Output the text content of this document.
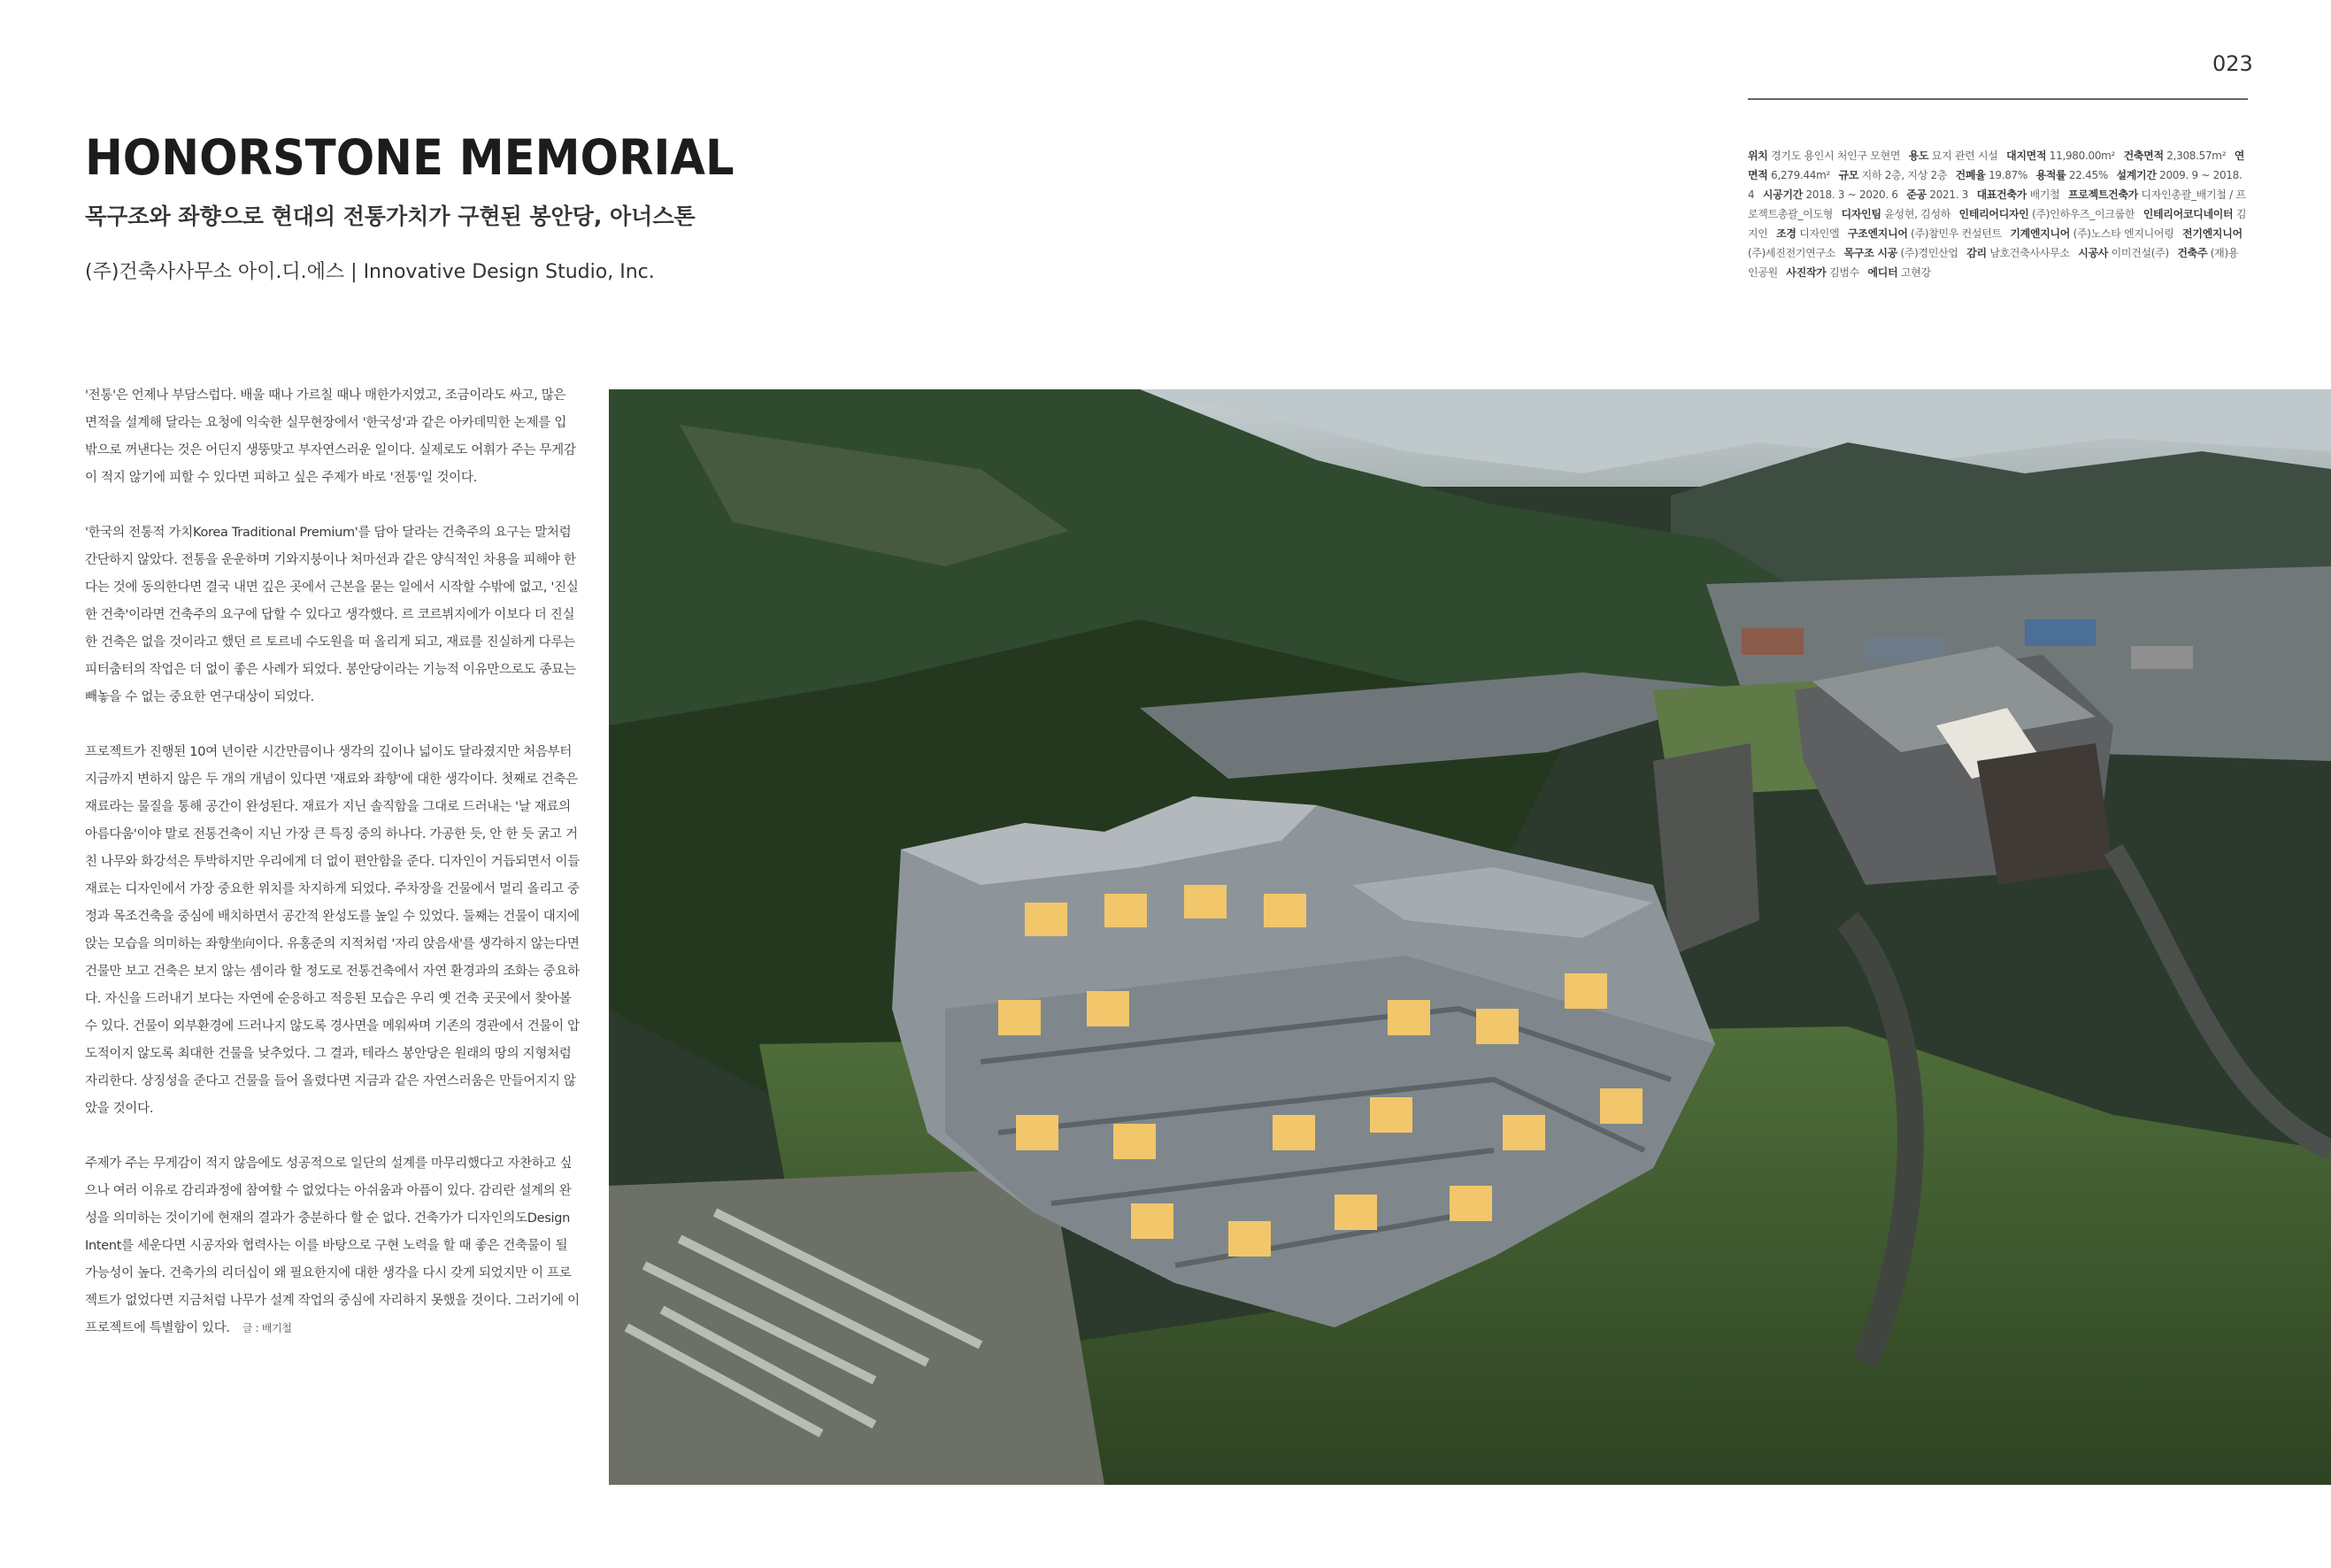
023
HONORSTONE MEMORIAL
목구조와 좌향으로 현대의 전통가치가 구현된 봉안당, 아너스톤
(주)건축사사무소 아이.디.에스 | Innovative Design Studio, Inc.
위치 경기도 용인시 처인구 모현면 용도 묘지 관련 시설 대지면적 11,980.00m² 건축면적 2,308.57m² 연면적 6,279.44m² 규모 지하 2층, 지상 2층 건폐율 19.87% 용적률 22.45% 설계기간 2009. 9 ~ 2018. 4 시공기간 2018. 3 ~ 2020. 6 준공 2021. 3 대표건축가 배기철 프로젝트건축가 디자인총괄_배기철 / 프로젝트총괄_이도형 디자인팀 윤성현, 김성하 인테리어디자인 (주)인하우즈_이크룹한 인테리어코디네이터 김지인 조경 디자인엘 구조엔지니어 (주)참민우 컨설턴트 기계엔지니어 (주)노스타 엔지니어링 전기엔지니어 (주)세진전기연구소 목구조 시공 (주)경민산업 감리 남호건축사사무소 시공사 이미건설(주) 건축주 (재)용인공원 사진작가 김범수 에디터 고현강

'전통'은 언제나 부담스럽다. 배울 때나 가르칠 때나 매한가지였고, 조금이라도 싸고, 많은 면적을 설계해 달라는 요청에 익숙한 실무현장에서 '한국성'과 같은 아카데믹한 논제를 입 밖으로 꺼낸다는 것은 어딘지 생뚱맞고 부자연스러운 일이다. 실제로도 어휘가 주는 무게감이 적지 않기에 피할 수 있다면 피하고 싶은 주제가 바로 '전통'일 것이다.

'한국의 전통적 가치Korea Traditional Premium'를 담아 달라는 건축주의 요구는 말처럼 간단하지 않았다. 전통을 운운하며 기와지붕이나 처마선과 같은 양식적인 차용을 피해야 한다는 것에 동의한다면 결국 내면 깊은 곳에서 근본을 묻는 일에서 시작할 수밖에 없고, '진실한 건축'이라면 건축주의 요구에 답할 수 있다고 생각했다. 르 코르뷔지에가 이보다 더 진실한 건축은 없을 것이라고 했던 르 토르네 수도원을 떠 올리게 되고, 재료를 진실하게 다루는 피터춤터의 작업은 더 없이 좋은 사례가 되었다. 봉안당이라는 기능적 이유만으로도 종묘는 빼놓을 수 없는 중요한 연구대상이 되었다.

프로젝트가 진행된 10여 년이란 시간만큼이나 생각의 깊이나 넓이도 달라졌지만 처음부터 지금까지 변하지 않은 두 개의 개념이 있다면 '재료와 좌향'에 대한 생각이다. 첫째로 건축은 재료라는 물질을 통해 공간이 완성된다. 재료가 지닌 솔직함을 그대로 드러내는 '날 재료의 아름다움'이야 말로 전통건축이 지닌 가장 큰 특징 중의 하나다. 가공한 듯, 안 한 듯 굵고 거친 나무와 화강석은 투박하지만 우리에게 더 없이 편안함을 준다. 디자인이 거듭되면서 이들 재료는 디자인에서 가장 중요한 위치를 차지하게 되었다. 주차장을 건물에서 멀리 올리고 중정과 목조건축을 중심에 배치하면서 공간적 완성도를 높일 수 있었다. 둘째는 건물이 대지에 앉는 모습을 의미하는 좌향坐向이다. 유홍준의 지적처럼 '자리 앉음새'를 생각하지 않는다면 건물만 보고 건축은 보지 않는 셈이라 할 정도로 전통건축에서 자연 환경과의 조화는 중요하다. 자신을 드러내기 보다는 자연에 순응하고 적응된 모습은 우리 옛 건축 곳곳에서 찾아볼 수 있다. 건물이 외부환경에 드러나지 않도록 경사면을 메워싸며 기존의 경관에서 건물이 압도적이지 않도록 최대한 건물을 낮추었다. 그 결과, 테라스 봉안당은 원래의 땅의 지형처럼 자리한다. 상징성을 준다고 건물을 들어 올렸다면 지금과 같은 자연스러움은 만들어지지 않았을 것이다.

주제가 주는 무게감이 적지 않음에도 성공적으로 일단의 설계를 마무리했다고 자찬하고 싶으나 여러 이유로 감리과정에 참여할 수 없었다는 아쉬움과 아픔이 있다. 감리란 설계의 완성을 의미하는 것이기에 현재의 결과가 충분하다 할 순 없다. 건축가가 디자인의도Design Intent를 세운다면 시공자와 협력사는 이를 바탕으로 구현 노력을 할 때 좋은 건축물이 될 가능성이 높다. 건축가의 리더십이 왜 필요한지에 대한 생각을 다시 갖게 되었지만 이 프로젝트가 없었다면 지금처럼 나무가 설계 작업의 중심에 자리하지 못했을 것이다. 그러기에 이 프로젝트에 특별함이 있다. 글 : 배기철
